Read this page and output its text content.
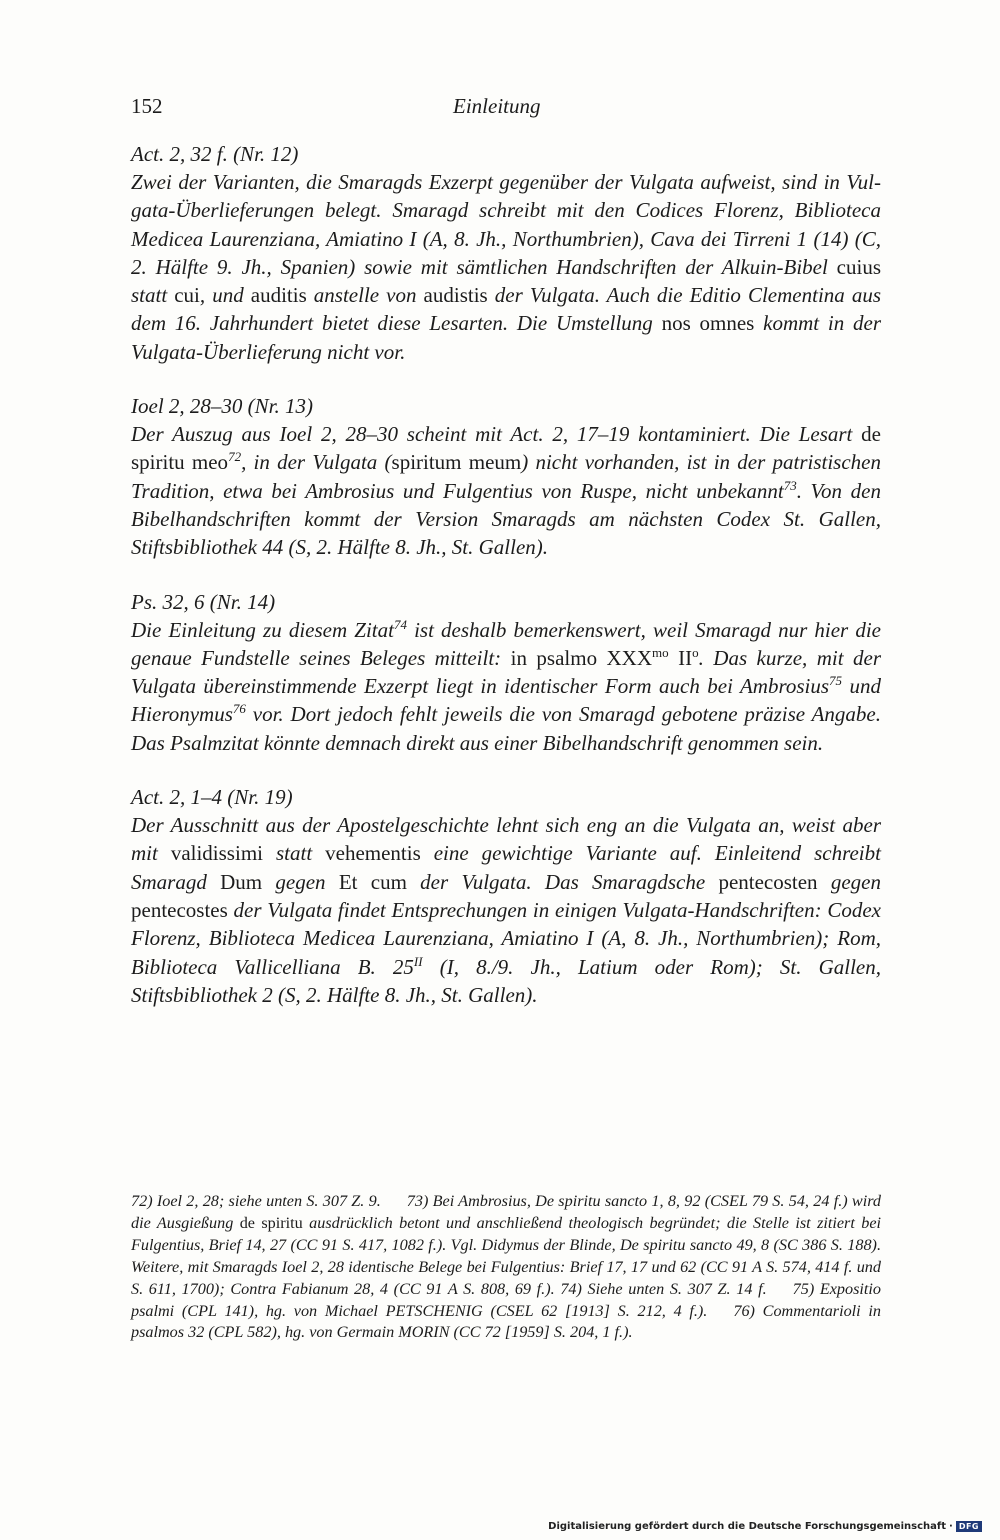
152	Einleitung

Act. 2, 32 f. (Nr. 12)

Zwei der Varianten, die Smaragds Exzerpt gegenüber der Vulgata aufweist, sind in Vul-gata-Überlieferungen belegt. Smaragd schreibt mit den Codices Florenz, Biblioteca Medicea Laurenziana, Amiatino I (A, 8. Jh., Northumbrien), Cava dei Tirreni 1 (14) (C, 2. Hälfte 9. Jh., Spanien) sowie mit sämtlichen Handschriften der Alkuin-Bibel cuius statt cui, und auditis anstelle von audistis der Vulgata. Auch die Editio Clementina aus dem 16. Jahrhundert bietet diese Lesarten. Die Umstellung nos omnes kommt in der Vulgata-Überlieferung nicht vor.

Ioel 2, 28–30 (Nr. 13)

Der Auszug aus Ioel 2, 28–30 scheint mit Act. 2, 17–19 kontaminiert. Die Lesart de spiritu meo$^{72}$, in der Vulgata (spiritum meum) nicht vorhanden, ist in der patristischen Tradition, etwa bei Ambrosius und Fulgentius von Ruspe, nicht unbekannt$^{73}$. Von den Bibelhandschriften kommt der Version Smaragds am nächsten Codex St. Gallen, Stiftsbibliothek 44 (S, 2. Hälfte 8. Jh., St. Gallen).

Ps. 32, 6 (Nr. 14)

Die Einleitung zu diesem Zitat$^{74}$ ist deshalb bemerkenswert, weil Smaragd nur hier die genaue Fundstelle seines Beleges mitteilt: in psalmo $XXX^{mo}$ $II^o$. Das kurze, mit der Vulgata übereinstimmende Exzerpt liegt in identischer Form auch bei Ambrosius$^{75}$ und Hieronymus$^{76}$ vor. Dort jedoch fehlt jeweils die von Smaragd gebotene präzise Angabe. Das Psalmzitat könnte demnach direkt aus einer Bibelhandschrift genommen sein.

Act. 2, 1–4 (Nr. 19)

Der Ausschnitt aus der Apostelgeschichte lehnt sich eng an die Vulgata an, weist aber mit validissimi statt vehementis eine gewichtige Variante auf. Einleitend schreibt Smaragd Dum gegen Et cum der Vulgata. Das Smaragdsche pentecosten gegen pentecostes der Vulgata findet Entsprechungen in einigen Vulgata-Handschriften: Codex Florenz, Biblioteca Medicea Laurenziana, Amiatino I (A, 8. Jh., Northumbrien); Rom, Biblioteca Vallicelliana B. $25^{II}$ (I, 8./9. Jh., Latium oder Rom); St. Gallen, Stiftsbibliothek 2 (S, 2. Hälfte 8. Jh., St. Gallen).

72) Ioel 2, 28; siehe unten S. 307 Z. 9. 73) Bei Ambrosius, De spiritu sancto 1, 8, 92 (CSEL 79 S. 54, 24 f.) wird die Ausgießung de spiritu ausdrücklich betont und anschließend theologisch begründet; die Stelle ist zitiert bei Fulgentius, Brief 14, 27 (CC 91 S. 417, 1082 f.). Vgl. Didymus der Blinde, De spiritu sancto 49, 8 (SC 386 S. 188). Weitere, mit Smaragds Ioel 2, 28 identische Belege bei Fulgentius: Brief 17, 17 und 62 (CC 91 A S. 574, 414 f. und S. 611, 1700); Contra Fabianum 28, 4 (CC 91 A S. 808, 69 f.). 74) Siehe unten S. 307 Z. 14 f. 75) Expositio psalmi (CPL 141), hg. von Michael PETSCHENIG (CSEL 62 [1913] S. 212, 4 f.). 76) Commentarioli in psalmos 32 (CPL 582), hg. von Germain MORIN (CC 72 [1959] S. 204, 1 f.).

Digitalisierung gefördert durch die Deutsche Forschungsgemeinschaft · DFG
